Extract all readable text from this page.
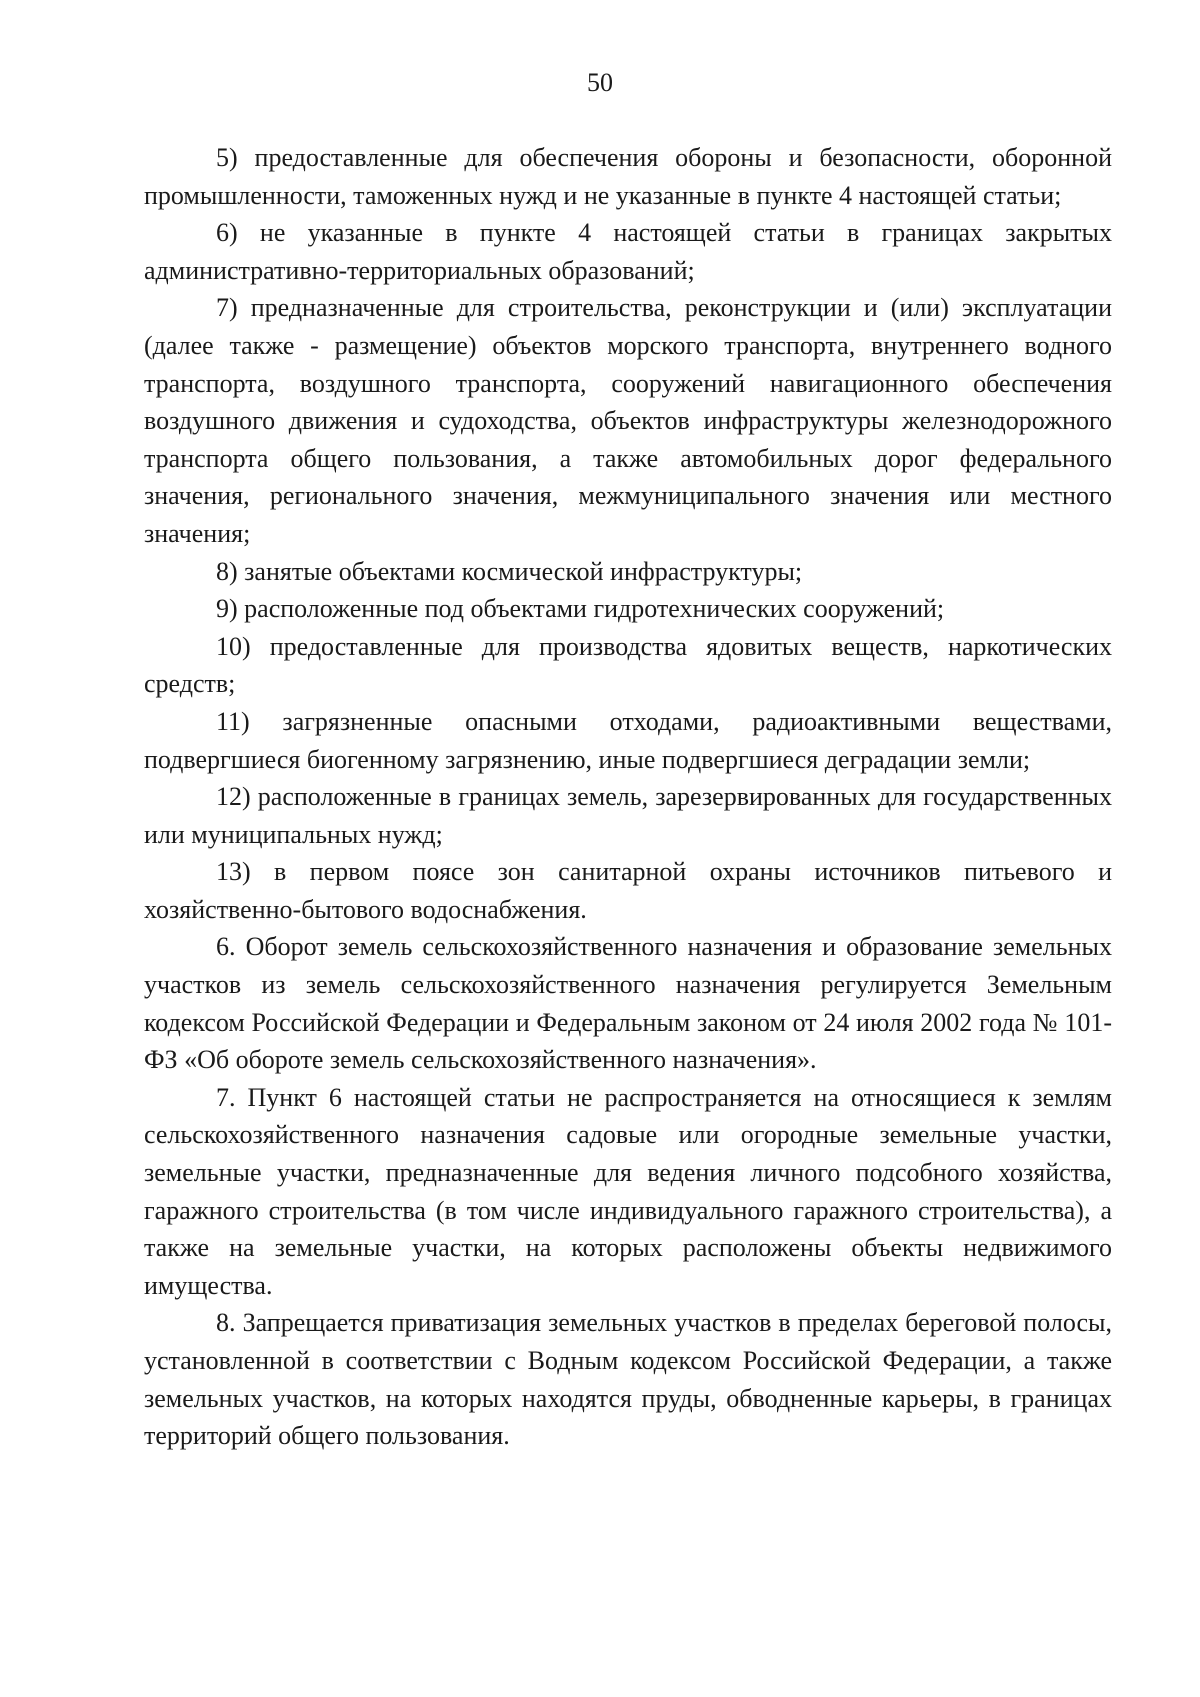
50

5) предоставленные для обеспечения обороны и безопасности, оборонной промышленности, таможенных нужд и не указанные в пункте 4 настоящей статьи;

6) не указанные в пункте 4 настоящей статьи в границах закрытых административно-территориальных образований;

7) предназначенные для строительства, реконструкции и (или) эксплуатации (далее также - размещение) объектов морского транспорта, внутреннего водного транспорта, воздушного транспорта, сооружений навигационного обеспечения воздушного движения и судоходства, объектов инфраструктуры железнодорожного транспорта общего пользования, а также автомобильных дорог федерального значения, регионального значения, межмуниципального значения или местного значения;

8) занятые объектами космической инфраструктуры;

9) расположенные под объектами гидротехнических сооружений;

10) предоставленные для производства ядовитых веществ, наркотических средств;

11) загрязненные опасными отходами, радиоактивными веществами, подвергшиеся биогенному загрязнению, иные подвергшиеся деградации земли;

12) расположенные в границах земель, зарезервированных для государственных или муниципальных нужд;

13) в первом поясе зон санитарной охраны источников питьевого и хозяйственно-бытового водоснабжения.

6. Оборот земель сельскохозяйственного назначения и образование земельных участков из земель сельскохозяйственного назначения регулируется Земельным кодексом Российской Федерации и Федеральным законом от 24 июля 2002 года № 101-ФЗ «Об обороте земель сельскохозяйственного назначения».

7. Пункт 6 настоящей статьи не распространяется на относящиеся к землям сельскохозяйственного назначения садовые или огородные земельные участки, земельные участки, предназначенные для ведения личного подсобного хозяйства, гаражного строительства (в том числе индивидуального гаражного строительства), а также на земельные участки, на которых расположены объекты недвижимого имущества.

8. Запрещается приватизация земельных участков в пределах береговой полосы, установленной в соответствии с Водным кодексом Российской Федерации, а также земельных участков, на которых находятся пруды, обводненные карьеры, в границах территорий общего пользования.
